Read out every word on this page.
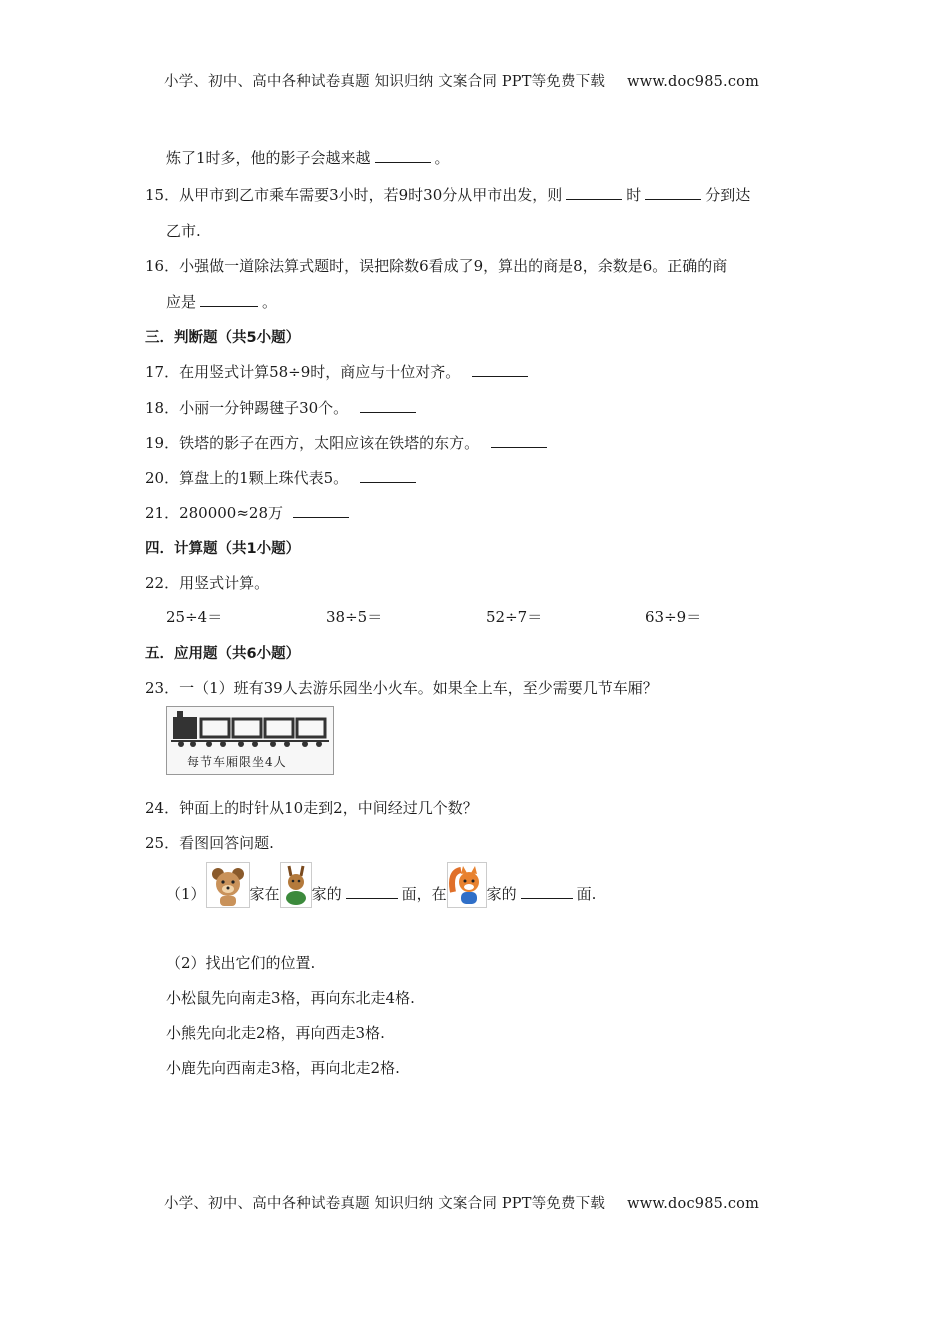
小学、初中、高中各种试卷真题 知识归纳 文案合同 PPT等免费下载 www.doc985.com
炼了1时多，他的影子会越来越	。
15．从甲市到乙市乘车需要3小时，若9时30分从甲市出发，则	时	分到达
乙市.
16．小强做一道除法算式题时，误把除数6看成了9，算出的商是8，余数是6。正确的商
应是	。
三．判断题（共5小题）
17．在用竖式计算58÷9时，商应与十位对齐。
18．小丽一分钟踢毽子30个。
19．铁塔的影子在西方，太阳应该在铁塔的东方。
20．算盘上的1颗上珠代表5。
21．280000≈28万
四．计算题（共1小题）
22．用竖式计算。
25÷4＝	38÷5＝	52÷7＝	63÷9＝
五．应用题（共6小题）
23．一（1）班有39人去游乐园坐小火车。如果全上车，至少需要几节车厢？
每节车厢限坐4人
24．钟面上的时针从10走到2，中间经过几个数？
25．看图回答问题.
（1）	家在 家的	面，在	家的	面.
（2）找出它们的位置.
小松鼠先向南走3格，再向东北走4格.
小熊先向北走2格，再向西走3格.
小鹿先向西南走3格，再向北走2格.
小学、初中、高中各种试卷真题 知识归纳 文案合同 PPT等免费下载 www.doc985.com
